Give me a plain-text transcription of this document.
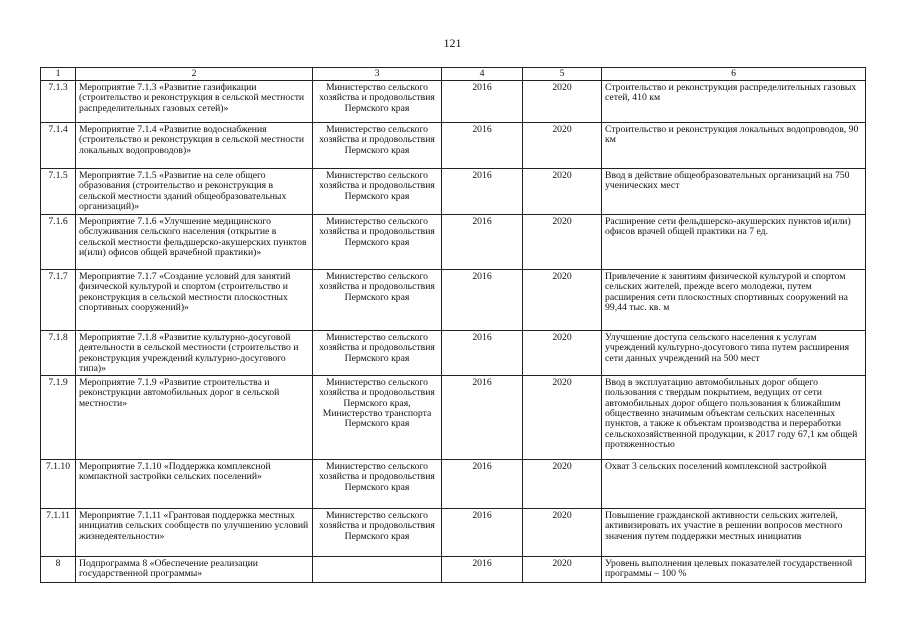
121
1	2	3	4	5	6
7.1.3	Мероприятие 7.1.3 «Развитие газификации (строительство и реконструкция в сельской местности распределительных газовых сетей)»	Министерство сельского хозяйства и продовольствия Пермского края	2016	2020	Строительство и реконструкция распределительных газовых сетей, 410 км
7.1.4	Мероприятие 7.1.4 «Развитие водоснабжения (строительство и реконструкция в сельской местности локальных водопроводов)»	Министерство сельского хозяйства и продовольствия Пермского края	2016	2020	Строительство и реконструкция локальных водопроводов, 90 км
7.1.5	Мероприятие 7.1.5 «Развитие на селе общего образования (строительство и реконструкция в сельской местности зданий общеобразовательных организаций)»	Министерство сельского хозяйства и продовольствия Пермского края	2016	2020	Ввод в действие общеобразовательных организаций на 750 ученических мест
7.1.6	Мероприятие 7.1.6 «Улучшение медицинского обслуживания сельского населения (открытие в сельской местности фельдшерско-акушерских пунктов и(или) офисов общей врачебной практики)»	Министерство сельского хозяйства и продовольствия Пермского края	2016	2020	Расширение сети фельдшерско-акушерских пунктов и(или) офисов врачей общей практики на 7 ед.
7.1.7	Мероприятие 7.1.7 «Создание условий для занятий физической культурой и спортом (строительство и реконструкция в сельской местности плоскостных спортивных сооружений)»	Министерство сельского хозяйства и продовольствия Пермского края	2016	2020	Привлечение к занятиям физической культурой и спортом сельских жителей, прежде всего молодежи, путем расширения сети плоскостных спортивных сооружений на 99,44 тыс. кв. м
7.1.8	Мероприятие 7.1.8 «Развитие культурно-досуговой деятельности в сельской местности (строительство и реконструкция учреждений культурно-досугового типа)»	Министерство сельского хозяйства и продовольствия Пермского края	2016	2020	Улучшение доступа сельского населения к услугам учреждений культурно-досугового типа путем расширения сети данных учреждений на 500 мест
7.1.9	Мероприятие 7.1.9 «Развитие строительства и реконструкции автомобильных дорог в сельской местности»	Министерство сельского хозяйства и продовольствия Пермского края, Министерство транспорта Пермского края	2016	2020	Ввод в эксплуатацию автомобильных дорог общего пользования с твердым покрытием, ведущих от сети автомобильных дорог общего пользования к ближайшим общественно значимым объектам сельских населенных пунктов, а также к объектам производства и переработки сельскохозяйственной продукции, к 2017 году 67,1 км общей протяженностью
7.1.10	Мероприятие 7.1.10 «Поддержка комплексной компактной застройки сельских поселений»	Министерство сельского хозяйства и продовольствия Пермского края	2016	2020	Охват 3 сельских поселений комплексной застройкой
7.1.11	Мероприятие 7.1.11 «Грантовая поддержка местных инициатив сельских сообществ по улучшению условий жизнедеятельности»	Министерство сельского хозяйства и продовольствия Пермского края	2016	2020	Повышение гражданской активности сельских жителей, активизировать их участие в решении вопросов местного значения путем поддержки местных инициатив
8	Подпрограмма 8 «Обеспечение реализации государственной программы»		2016	2020	Уровень выполнения целевых показателей государственной программы – 100 %
